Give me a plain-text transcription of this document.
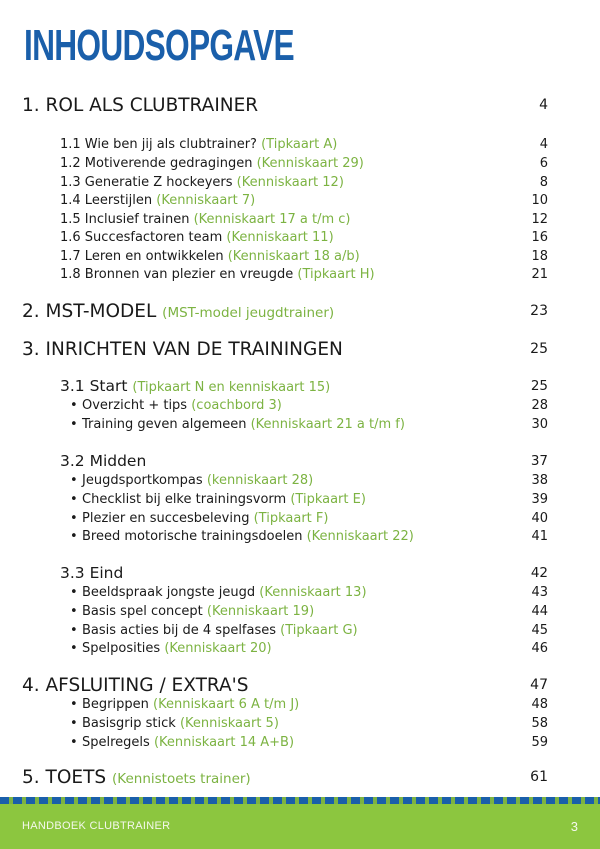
INHOUDSOPGAVE
1. ROL ALS CLUBTRAINER	4
1.1 Wie ben jij als clubtrainer? (Tipkaart A)	4
1.2 Motiverende gedragingen (Kenniskaart 29)	6
1.3 Generatie Z hockeyers (Kenniskaart 12)	8
1.4 Leerstijlen (Kenniskaart 7)	10
1.5 Inclusief trainen (Kenniskaart 17 a t/m c)	12
1.6 Succesfactoren team (Kenniskaart 11)	16
1.7 Leren en ontwikkelen (Kenniskaart 18 a/b)	18
1.8 Bronnen van plezier en vreugde (Tipkaart H)	21
2. MST-MODEL (MST-model jeugdtrainer)	23
3. INRICHTEN VAN DE TRAININGEN	25
3.1 Start (Tipkaart N en kenniskaart 15)	25
• Overzicht + tips (coachbord 3)	28
• Training geven algemeen (Kenniskaart 21 a t/m f)	30
3.2 Midden	37
• Jeugdsportkompas (kenniskaart 28)	38
• Checklist bij elke trainingsvorm (Tipkaart E)	39
• Plezier en succesbeleving (Tipkaart F)	40
• Breed motorische trainingsdoelen (Kenniskaart 22)	41
3.3 Eind	42
• Beeldspraak jongste jeugd (Kenniskaart 13)	43
• Basis spel concept (Kenniskaart 19)	44
• Basis acties bij de 4 spelfases (Tipkaart G)	45
• Spelposities (Kenniskaart 20)	46
4. AFSLUITING / EXTRA'S	47
• Begrippen (Kenniskaart 6 A t/m J)	48
• Basisgrip stick (Kenniskaart 5)	58
• Spelregels (Kenniskaart 14 A+B)	59
5. TOETS (Kennistoets trainer)	61
HANDBOEK CLUBTRAINER	3
